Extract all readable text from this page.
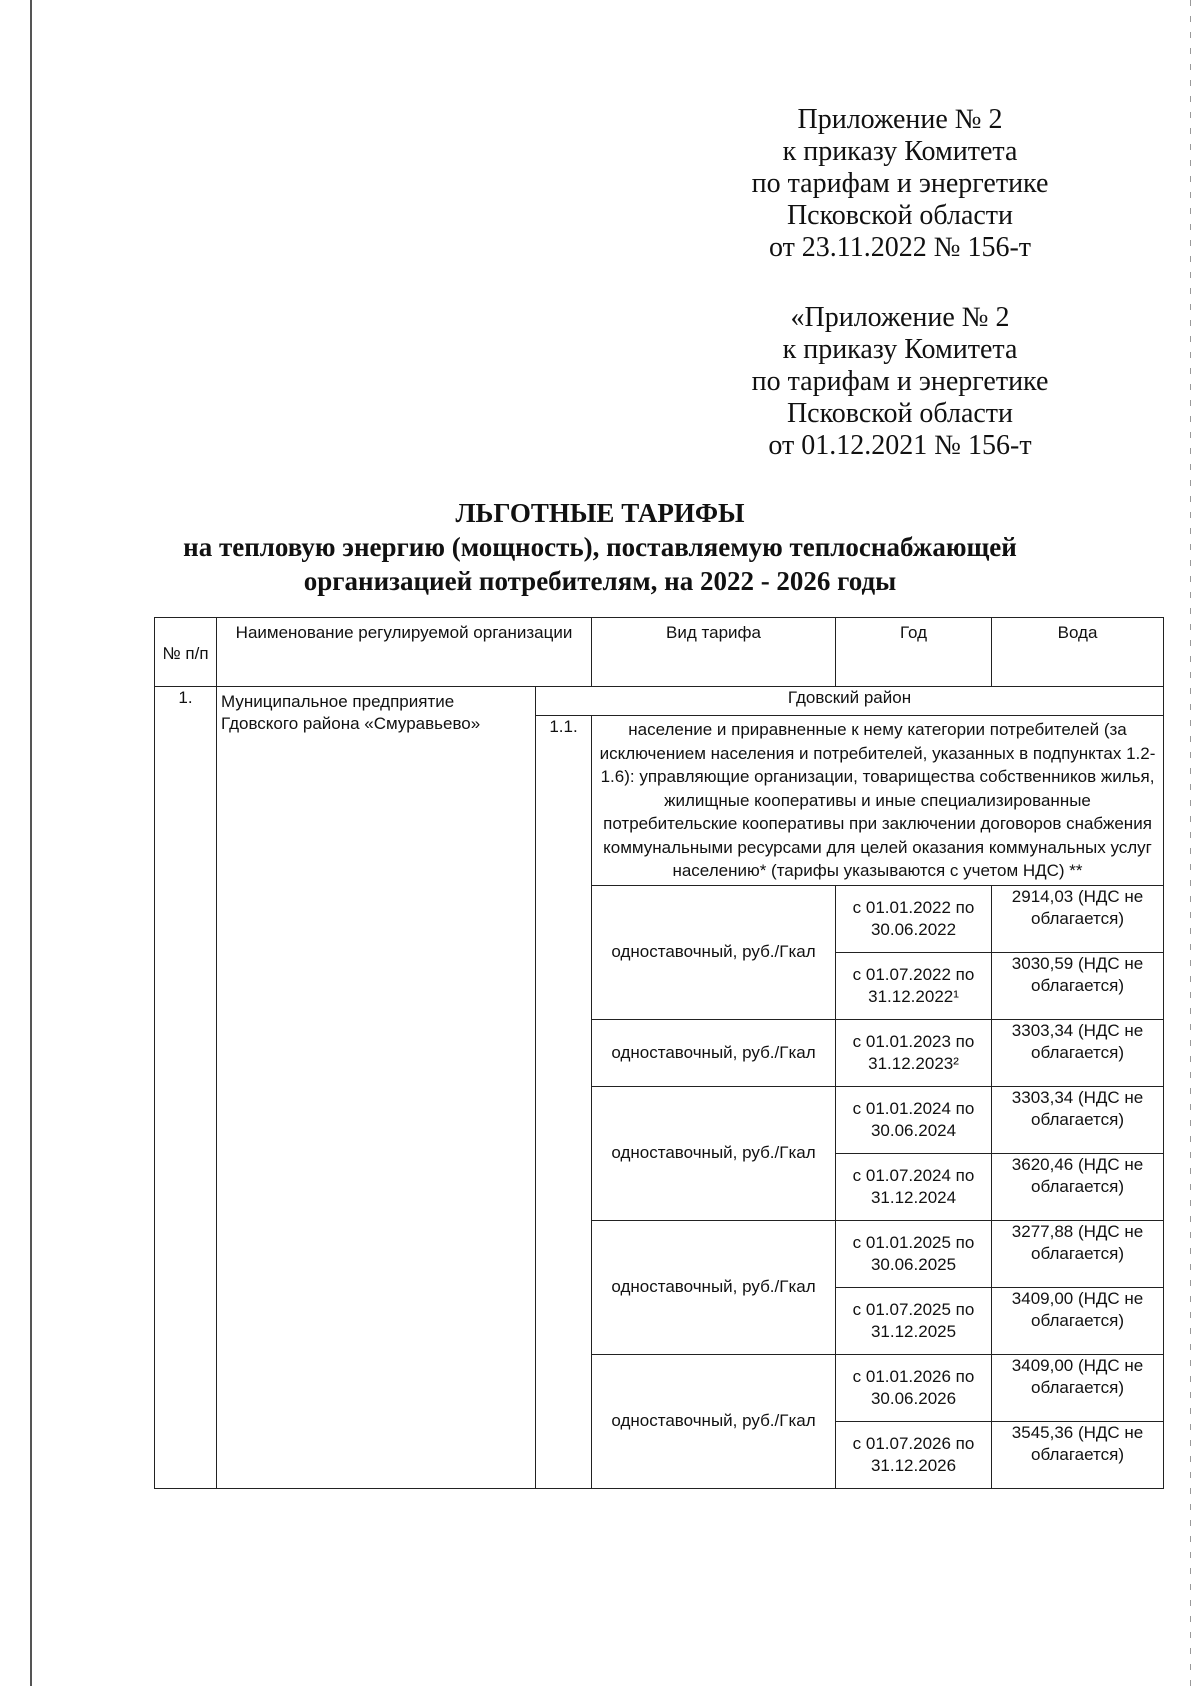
Приложение № 2
к приказу Комитета
по тарифам и энергетике
Псковской области
от 23.11.2022 № 156-т
«Приложение № 2
к приказу Комитета
по тарифам и энергетике
Псковской области
от 01.12.2021 № 156-т
ЛЬГОТНЫЕ ТАРИФЫ
на тепловую энергию (мощность), поставляемую теплоснабжающей
организацией потребителям, на 2022 - 2026 годы
№ п/п	Наименование регулируемой организации		Вид тарифа	Год	Вода
1.	Муниципальное предприятие Гдовского района «Смуравьево»	Гдовский район			
		1.1.	население и приравненные к нему категории потребителей (за исключением населения и потребителей, указанных в подпунктах 1.2-1.6): управляющие организации, товарищества собственников жилья, жилищные кооперативы и иные специализированные потребительские кооперативы при заключении договоров снабжения коммунальными ресурсами для целей оказания коммунальных услуг населению* (тарифы указываются с учетом НДС) **		
			одноставочный, руб./Гкал	с 01.01.2022 по 30.06.2022	2914,03 (НДС не облагается)
				с 01.07.2022 по 31.12.2022¹	3030,59 (НДС не облагается)
			одноставочный, руб./Гкал	с 01.01.2023 по 31.12.2023²	3303,34 (НДС не облагается)
			одноставочный, руб./Гкал	с 01.01.2024 по 30.06.2024	3303,34 (НДС не облагается)
				с 01.07.2024 по 31.12.2024	3620,46 (НДС не облагается)
			одноставочный, руб./Гкал	с 01.01.2025 по 30.06.2025	3277,88 (НДС не облагается)
				с 01.07.2025 по 31.12.2025	3409,00 (НДС не облагается)
			одноставочный, руб./Гкал	с 01.01.2026 по 30.06.2026	3409,00 (НДС не облагается)
				с 01.07.2026 по 31.12.2026	3545,36 (НДС не облагается)
